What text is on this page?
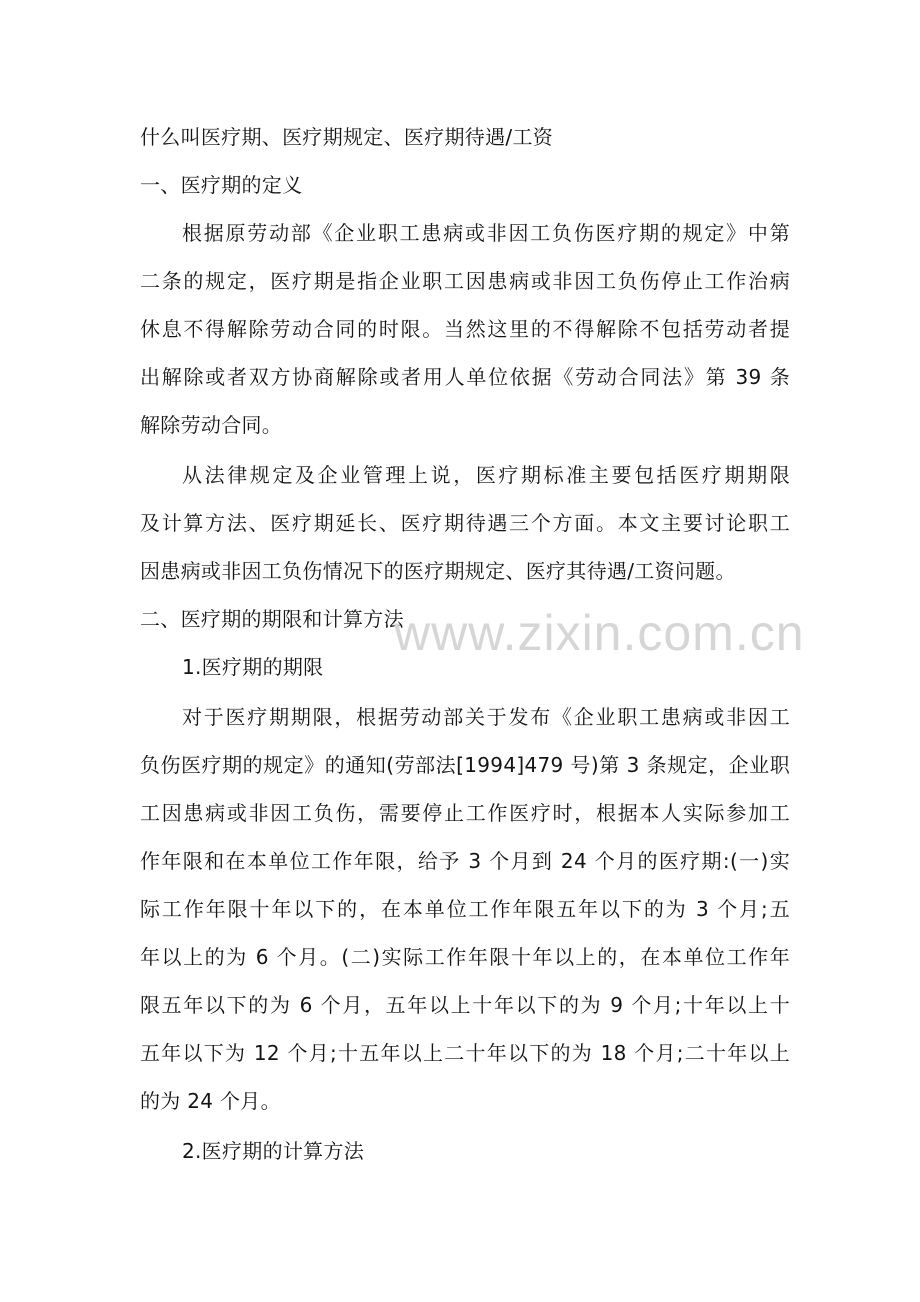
什么叫医疗期、医疗期规定、医疗期待遇/工资
一、医疗期的定义
根据原劳动部《企业职工患病或非因工负伤医疗期的规定》中第
二条的规定，医疗期是指企业职工因患病或非因工负伤停止工作治病
休息不得解除劳动合同的时限。当然这里的不得解除不包括劳动者提
出解除或者双方协商解除或者用人单位依据《劳动合同法》第 39 条
解除劳动合同。
从法律规定及企业管理上说，医疗期标准主要包括医疗期期限
及计算方法、医疗期延长、医疗期待遇三个方面。本文主要讨论职工
因患病或非因工负伤情况下的医疗期规定、医疗其待遇/工资问题。
二、医疗期的期限和计算方法
1.医疗期的期限
对于医疗期期限，根据劳动部关于发布《企业职工患病或非因工
负伤医疗期的规定》的通知(劳部法[1994]479 号)第 3 条规定，企业职
工因患病或非因工负伤，需要停止工作医疗时，根据本人实际参加工
作年限和在本单位工作年限，给予 3 个月到 24 个月的医疗期:(一)实
际工作年限十年以下的，在本单位工作年限五年以下的为 3 个月;五
年以上的为 6 个月。(二)实际工作年限十年以上的，在本单位工作年
限五年以下的为 6 个月，五年以上十年以下的为 9 个月;十年以上十
五年以下为 12 个月;十五年以上二十年以下的为 18 个月;二十年以上
的为 24 个月。
2.医疗期的计算方法
www.zixin.com.cn
